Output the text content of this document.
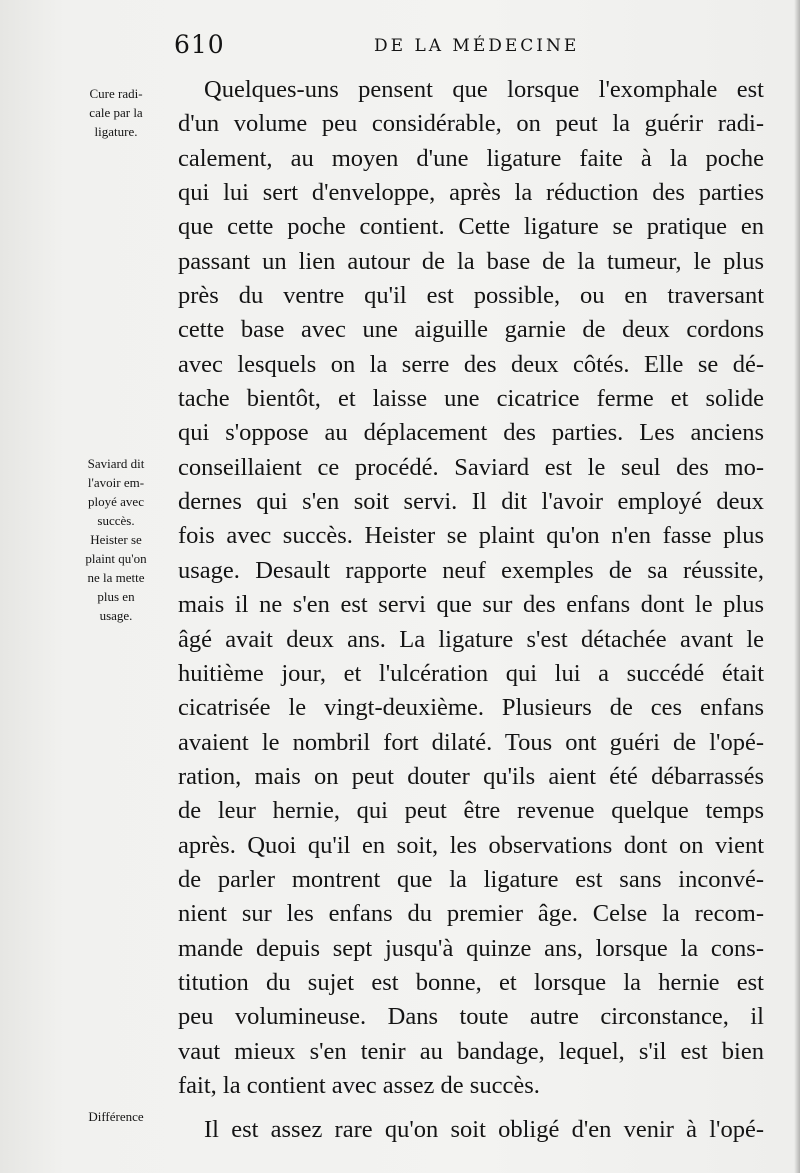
610	DE LA MÉDECINE
Cure radi-
cale par la
ligature.
Saviard dit
l'avoir em-
ployé avec
succès.
Heister se
plaint qu'on
ne la mette
plus en
usage.
Différence
Quelques-uns pensent que lorsque l'exomphale est
d'un volume peu considérable, on peut la guérir radi-
calement, au moyen d'une ligature faite à la poche
qui lui sert d'enveloppe, après la réduction des parties
que cette poche contient. Cette ligature se pratique en
passant un lien autour de la base de la tumeur, le plus
près du ventre qu'il est possible, ou en traversant
cette base avec une aiguille garnie de deux cordons
avec lesquels on la serre des deux côtés. Elle se dé-
tache bientôt, et laisse une cicatrice ferme et solide
qui s'oppose au déplacement des parties. Les anciens
conseillaient ce procédé. Saviard est le seul des mo-
dernes qui s'en soit servi. Il dit l'avoir employé deux
fois avec succès. Heister se plaint qu'on n'en fasse plus
usage. Desault rapporte neuf exemples de sa réussite,
mais il ne s'en est servi que sur des enfans dont le plus
âgé avait deux ans. La ligature s'est détachée avant le
huitième jour, et l'ulcération qui lui a succédé était
cicatrisée le vingt-deuxième. Plusieurs de ces enfans
avaient le nombril fort dilaté. Tous ont guéri de l'opé-
ration, mais on peut douter qu'ils aient été débarrassés
de leur hernie, qui peut être revenue quelque temps
après. Quoi qu'il en soit, les observations dont on vient
de parler montrent que la ligature est sans inconvé-
nient sur les enfans du premier âge. Celse la recom-
mande depuis sept jusqu'à quinze ans, lorsque la cons-
titution du sujet est bonne, et lorsque la hernie est
peu volumineuse. Dans toute autre circonstance, il
vaut mieux s'en tenir au bandage, lequel, s'il est bien
fait, la contient avec assez de succès.
Il est assez rare qu'on soit obligé d'en venir à l'opé-
